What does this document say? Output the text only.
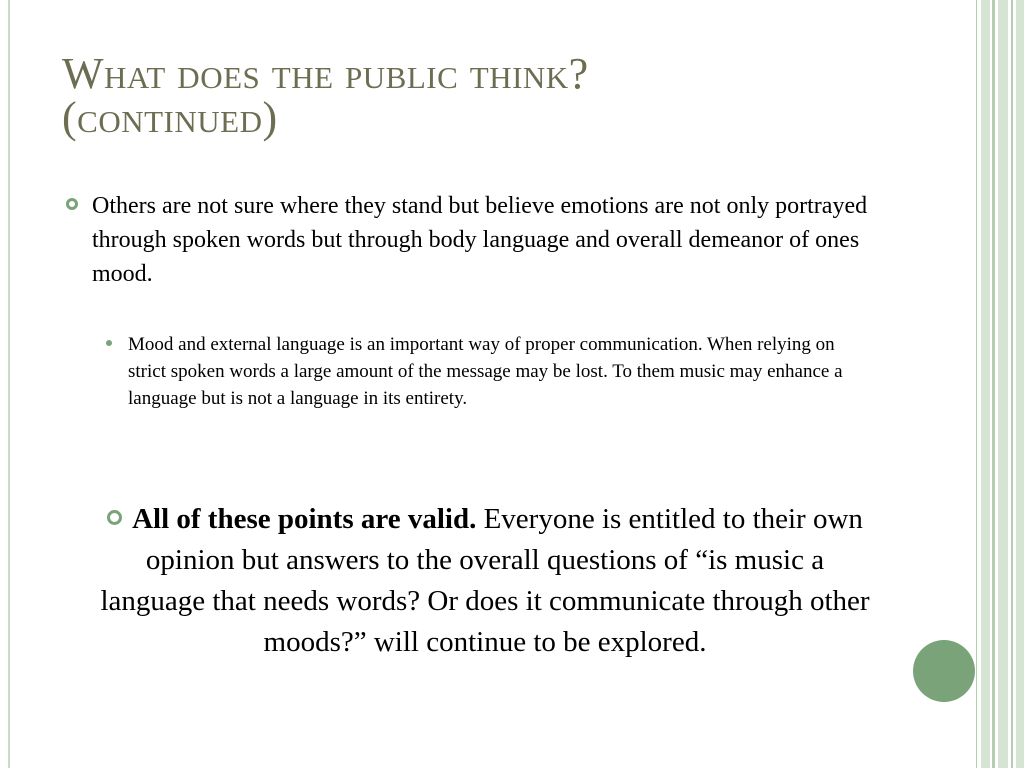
What does the public think?
(continued)
Others are not sure where they stand but believe emotions are not only portrayed through spoken words but through body language and overall demeanor of ones mood.
Mood and external language is an important way of proper communication. When relying on strict spoken words a large amount of the message may be lost. To them music may enhance a language but is not a language in its entirety.
All of these points are valid. Everyone is entitled to their own opinion but answers to the overall questions of “is music a language that needs words? Or does it communicate through other moods?” will continue to be explored.
